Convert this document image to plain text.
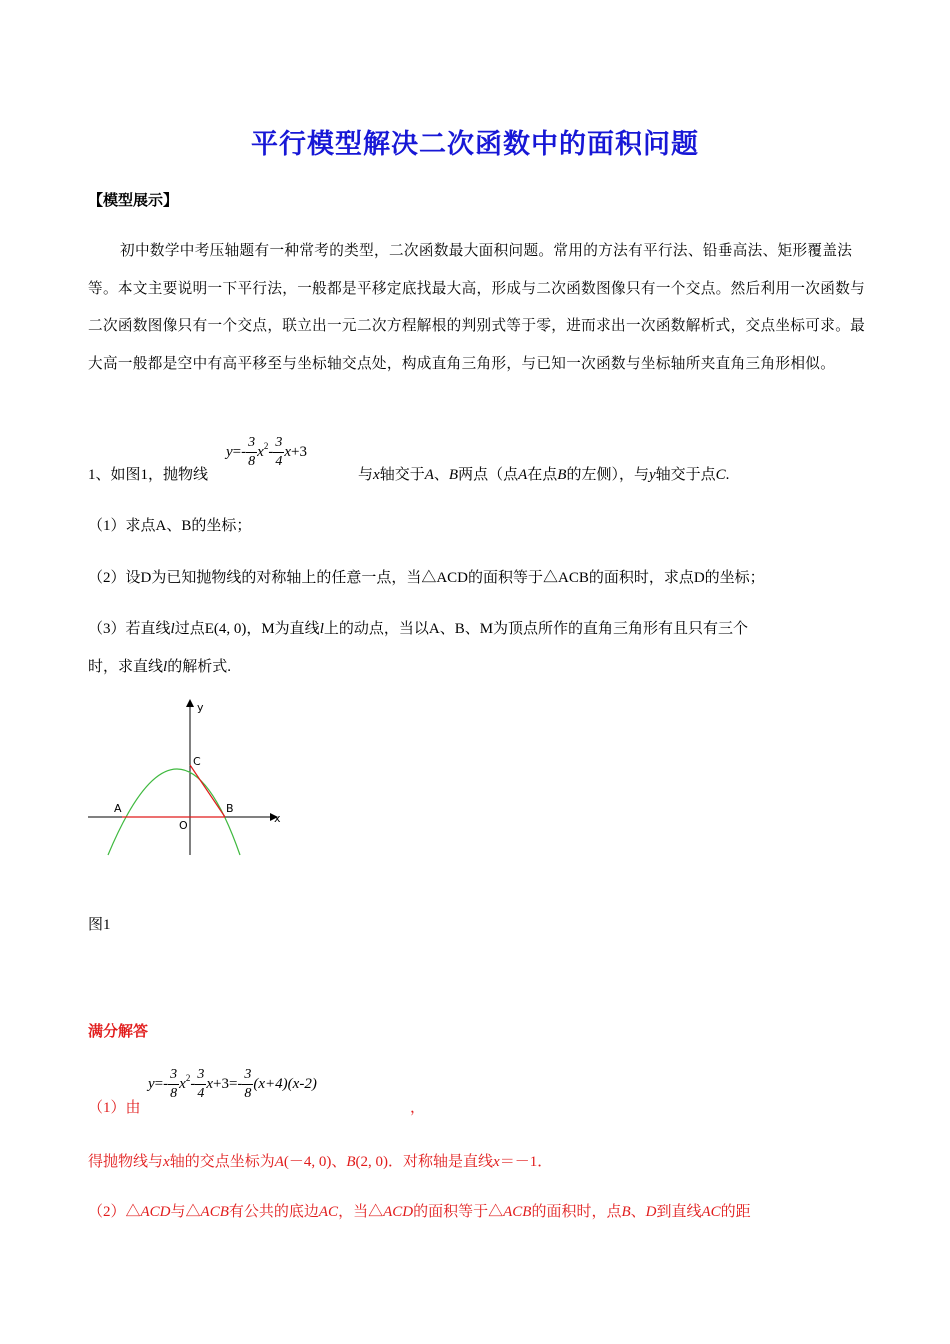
平行模型解决二次函数中的面积问题
【模型展示】
初中数学中考压轴题有一种常考的类型，二次函数最大面积问题。常用的方法有平行法、铅垂高法、矩形覆盖法等。本文主要说明一下平行法，一般都是平移定底找最大高，形成与二次函数图像只有一个交点。然后利用一次函数与二次函数图像只有一个交点，联立出一元二次方程解根的判别式等于零，进而求出一次函数解析式，交点坐标可求。最大高一般都是空中有高平移至与坐标轴交点处，构成直角三角形，与已知一次函数与坐标轴所夹直角三角形相似。
1、如图1，抛物线
$y=- \frac{3}{8} x^2- \frac{3}{4} x+3$
与x轴交于A、B两点（点A在点B的左侧），与y轴交于点C.
（1）求点A、B的坐标；
（2）设D为已知抛物线的对称轴上的任意一点，当△ACD的面积等于△ACB的面积时，求点D的坐标；
（3）若直线l过点E(4, 0)，M为直线l上的动点，当以A、B、M为顶点所作的直角三角形有且只有三个
时，求直线l的解析式.
y
x
A	B
C
O
图1
满分解答
（1）由
$y=- \frac{3}{8} x^2- \frac{3}{4} x+3=- \frac{3}{8} (x+4)(x-2)$
，
得抛物线与x轴的交点坐标为A(－4, 0)、B(2, 0)．对称轴是直线x＝－1．
（2）△ACD与△ACB有公共的底边AC，当△ACD的面积等于△ACB的面积时，点B、D到直线AC的距
